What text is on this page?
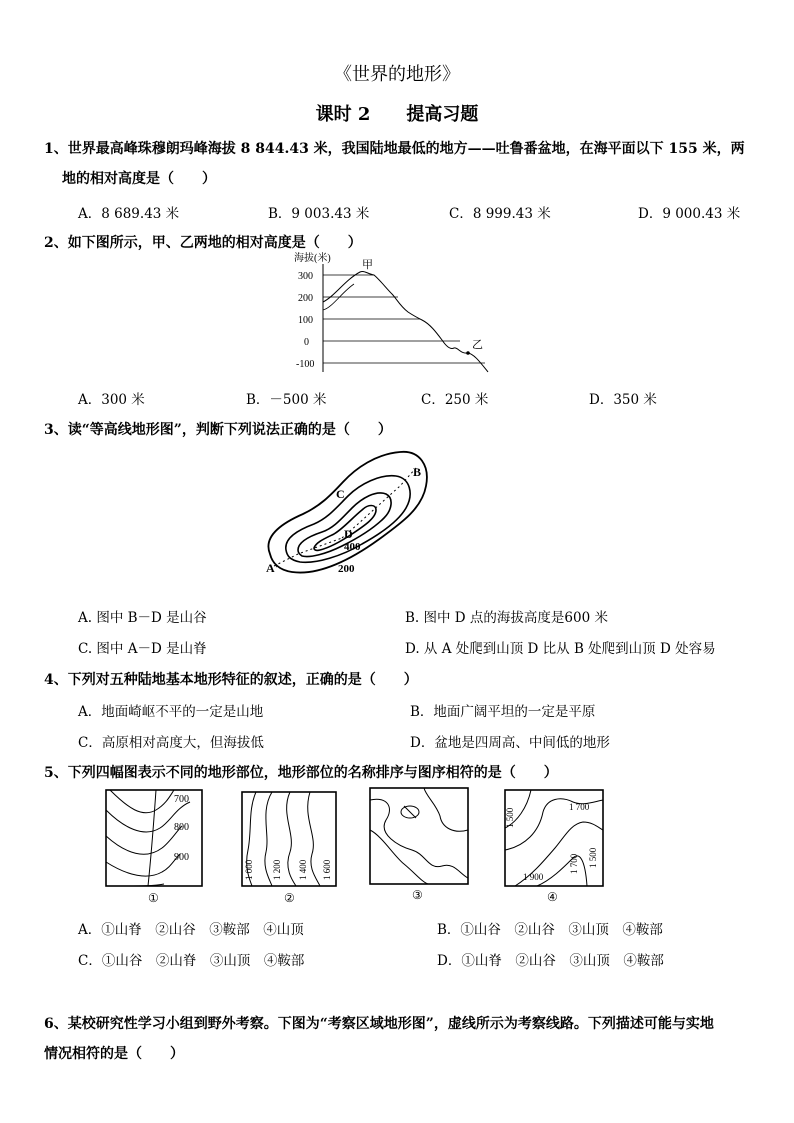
《世界的地形》
课时 2　　提高习题
1、世界最高峰珠穆朗玛峰海拔 8 844.43 米，我国陆地最低的地方——吐鲁番盆地，在海平面以下 155 米，两
地的相对高度是（　　）
A．8 689.43 米	B．9 003.43 米	C．8 999.43 米	D．9 000.43 米
2、如下图所示，甲、乙两地的相对高度是（　　）
海拔(米)
300
200
100
0
-100
甲
乙
A．300 米	B．－500 米	C．250 米	D．350 米
3、读“等高线地形图”，判断下列说法正确的是（　　）
A'
B
C
D
400
200
A. 图中 B－D 是山谷	B. 图中 D 点的海拔高度是600 米
C. 图中 A－D 是山脊	D. 从 A 处爬到山顶 D 比从 B 处爬到山顶 D 处容易
4、下列对五种陆地基本地形特征的叙述，正确的是（　　）
A．地面崎岖不平的一定是山地	B．地面广阔平坦的一定是平原
C．高原相对高度大，但海拔低	D．盆地是四周高、中间低的地形
5、下列四幅图表示不同的地形部位，地形部位的名称排序与图序相符的是（　　）
700
800
900
①
1 000 1 200 1 400 1 600
②	③
1 500
1 700
1 900
1 700 1 500
④
A．①山脊　②山谷　③鞍部　④山顶	B．①山谷　②山谷　③山顶　④鞍部
C．①山谷　②山脊　③山顶　④鞍部	D．①山脊　②山谷　③山顶　④鞍部
6、某校研究性学习小组到野外考察。下图为“考察区域地形图”，虚线所示为考察线路。下列描述可能与实地
情况相符的是（　　）
